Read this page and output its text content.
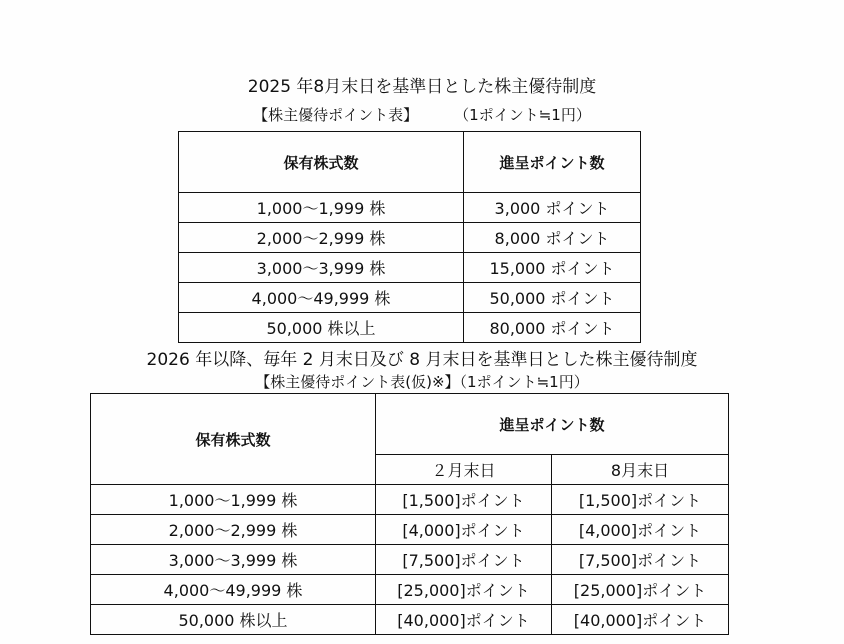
2025 年8月末日を基準日とした株主優待制度
【株主優待ポイント表】 （1ポイント≒1円）
保有株式数	進呈ポイント数
1,000～1,999 株	3,000 ポイント
2,000～2,999 株	8,000 ポイント
3,000～3,999 株	15,000 ポイント
4,000～49,999 株	50,000 ポイント
50,000 株以上	80,000 ポイント
2026 年以降、毎年 2 月末日及び 8 月末日を基準日とした株主優待制度
【株主優待ポイント表(仮)※】（1ポイント≒1円）
保有株式数	進呈ポイント数	
	２月末日	8月末日
1,000～1,999 株	[1,500]ポイント	[1,500]ポイント
2,000～2,999 株	[4,000]ポイント	[4,000]ポイント
3,000～3,999 株	[7,500]ポイント	[7,500]ポイント
4,000～49,999 株	[25,000]ポイント	[25,000]ポイント
50,000 株以上	[40,000]ポイント	[40,000]ポイント
